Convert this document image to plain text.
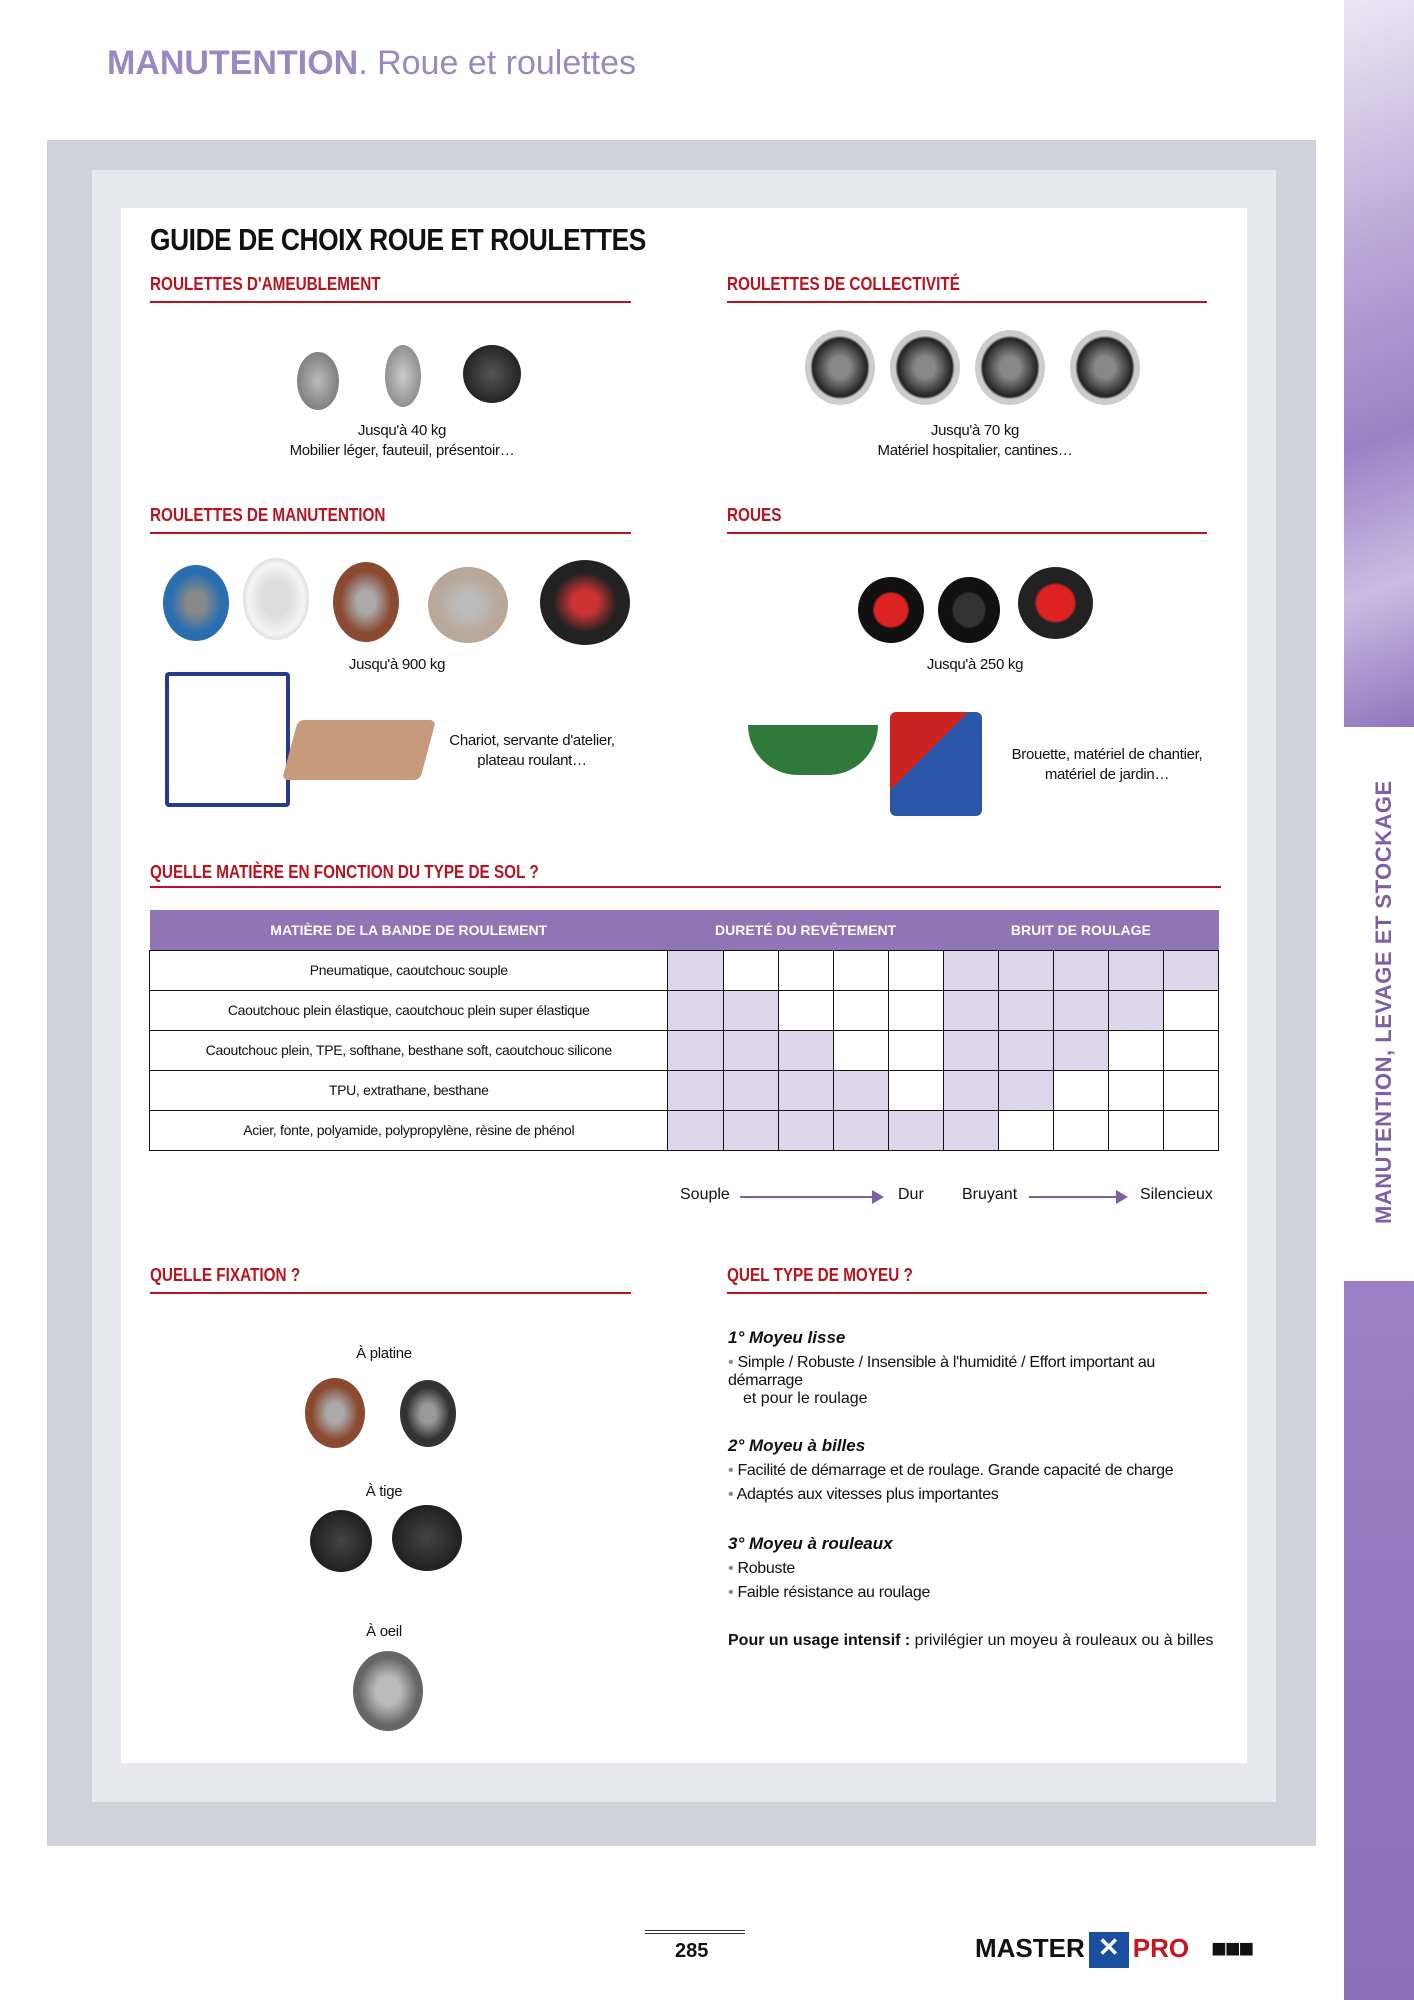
MANUTENTION. Roue et roulettes
MANUTENTION, LEVAGE ET STOCKAGE
GUIDE DE CHOIX ROUE ET ROULETTES
ROULETTES D'AMEUBLEMENT
Jusqu'à 40 kg
Mobilier léger, fauteuil, présentoir…
ROULETTES DE COLLECTIVITÉ
Jusqu'à 70 kg
Matériel hospitalier, cantines…
ROULETTES DE MANUTENTION
Jusqu'à 900 kg
Chariot, servante d'atelier,
plateau roulant…
ROUES
Jusqu'à 250 kg
Brouette, matériel de chantier,
matériel de jardin…
QUELLE MATIÈRE EN FONCTION DU TYPE DE SOL ?
MATIÈRE DE LA BANDE DE ROULEMENT	DURETÉ DU REVÊTEMENT					BRUIT DE ROULAGE				
Pneumatique, caoutchouc souple										
Caoutchouc plein élastique, caoutchouc plein super élastique										
Caoutchouc plein, TPE, softhane, besthane soft, caoutchouc silicone										
TPU, extrathane, besthane										
Acier, fonte, polyamide, polypropylène, rèsine de phénol										
Souple	Dur Bruyant	Silencieux
QUELLE FIXATION ?
À platine
À tige
À oeil
QUEL TYPE DE MOYEU ?
1° Moyeu lisse
• Simple / Robuste / Insensible à l'humidité / Effort important au démarrage
et pour le roulage
2° Moyeu à billes
• Facilité de démarrage et de roulage. Grande capacité de charge
• Adaptés aux vitesses plus importantes
3° Moyeu à rouleaux
• Robuste
• Faible résistance au roulage
Pour un usage intensif : privilégier un moyeu à rouleaux ou à billes
285	MASTER ✕ PRO ■■■
